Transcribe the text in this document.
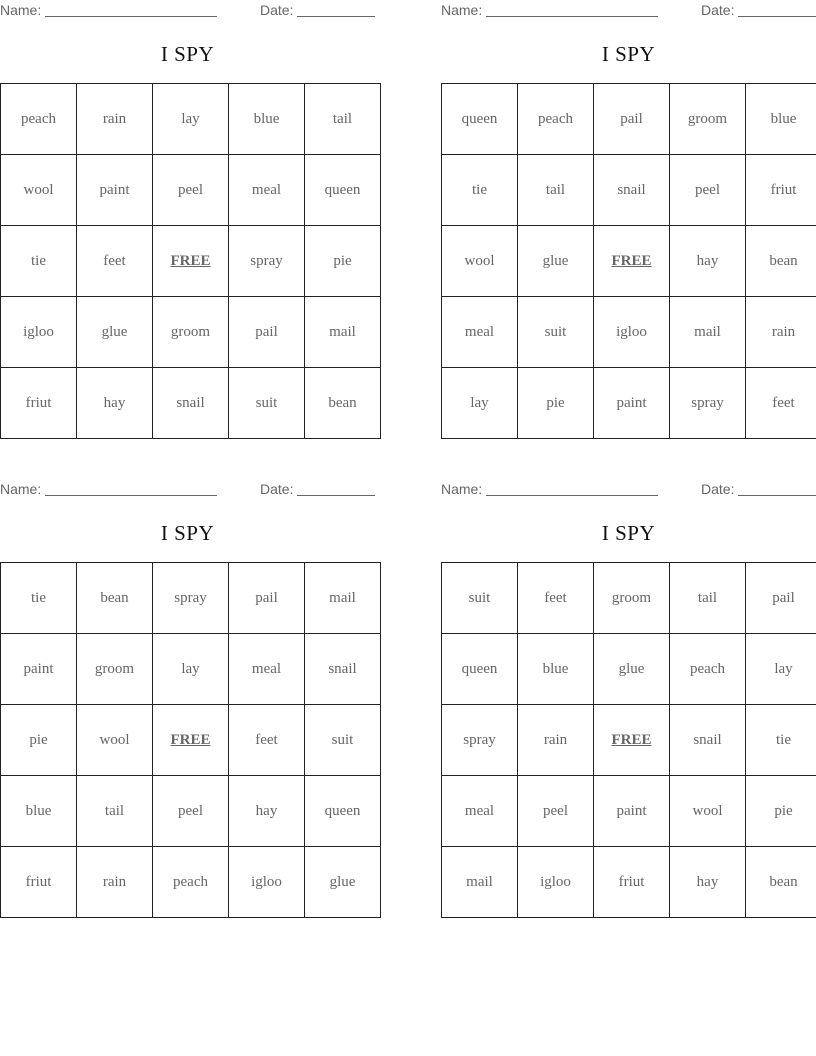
Name:	Date:
I SPY
peach	rain	lay	blue	tail
wool	paint	peel	meal	queen
tie	feet	FREE	spray	pie
igloo	glue	groom	pail	mail
friut	hay	snail	suit	bean
Name:	Date:
I SPY
queen	peach	pail	groom	blue
tie	tail	snail	peel	friut
wool	glue	FREE	hay	bean
meal	suit	igloo	mail	rain
lay	pie	paint	spray	feet
Name:	Date:
I SPY
tie	bean	spray	pail	mail
paint	groom	lay	meal	snail
pie	wool	FREE	feet	suit
blue	tail	peel	hay	queen
friut	rain	peach	igloo	glue
Name:	Date:
I SPY
suit	feet	groom	tail	pail
queen	blue	glue	peach	lay
spray	rain	FREE	snail	tie
meal	peel	paint	wool	pie
mail	igloo	friut	hay	bean
